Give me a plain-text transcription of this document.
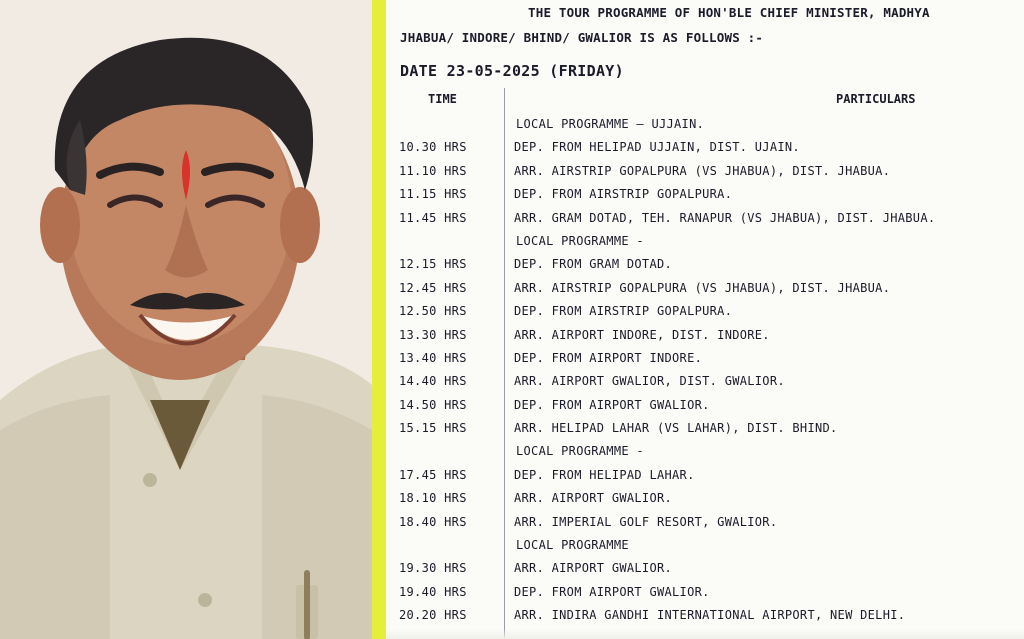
THE TOUR PROGRAMME OF HON'BLE CHIEF MINISTER, MADHYA
JHABUA/ INDORE/ BHIND/ GWALIOR IS AS FOLLOWS :-
DATE 23-05-2025 (FRIDAY)
TIME	PARTICULARS
LOCAL PROGRAMME – UJJAIN.
10.30 HRS	DEP. FROM HELIPAD UJJAIN, DIST. UJAIN.
11.10 HRS	ARR. AIRSTRIP GOPALPURA (VS JHABUA), DIST. JHABUA.
11.15 HRS	DEP. FROM AIRSTRIP GOPALPURA.
11.45 HRS	ARR. GRAM DOTAD, TEH. RANAPUR (VS JHABUA), DIST. JHABUA.
LOCAL PROGRAMME -
12.15 HRS	DEP. FROM GRAM DOTAD.
12.45 HRS	ARR. AIRSTRIP GOPALPURA (VS JHABUA), DIST. JHABUA.
12.50 HRS	DEP. FROM AIRSTRIP GOPALPURA.
13.30 HRS	ARR. AIRPORT INDORE, DIST. INDORE.
13.40 HRS	DEP. FROM AIRPORT INDORE.
14.40 HRS	ARR. AIRPORT GWALIOR, DIST. GWALIOR.
14.50 HRS	DEP. FROM AIRPORT GWALIOR.
15.15 HRS	ARR. HELIPAD LAHAR (VS LAHAR), DIST. BHIND.
LOCAL PROGRAMME -
17.45 HRS	DEP. FROM HELIPAD LAHAR.
18.10 HRS	ARR. AIRPORT GWALIOR.
18.40 HRS	ARR. IMPERIAL GOLF RESORT, GWALIOR.
LOCAL PROGRAMME
19.30 HRS	ARR. AIRPORT GWALIOR.
19.40 HRS	DEP. FROM AIRPORT GWALIOR.
20.20 HRS	ARR. INDIRA GANDHI INTERNATIONAL AIRPORT, NEW DELHI.
